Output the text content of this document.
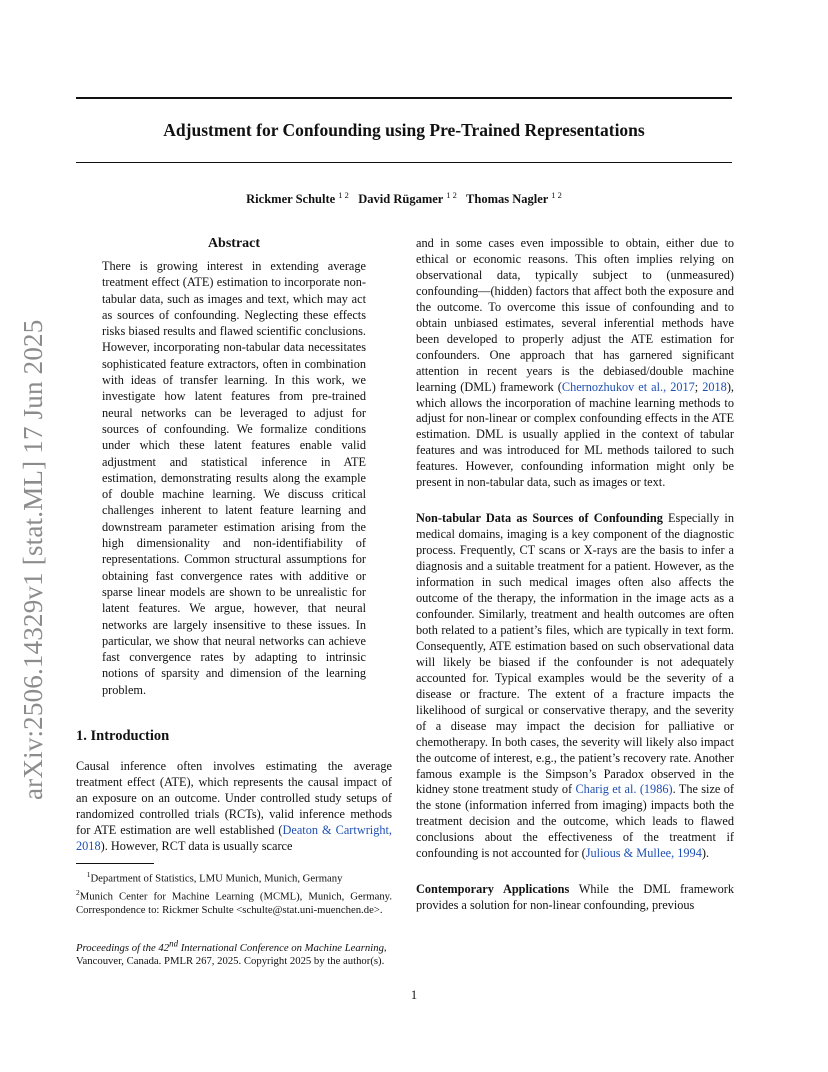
arXiv:2506.14329v1 [stat.ML] 17 Jun 2025
Adjustment for Confounding using Pre-Trained Representations
Rickmer Schulte $^{1 2}$ David Rügamer $^{1 2}$ Thomas Nagler $^{1 2}$
Abstract

There is growing interest in extending average treatment effect (ATE) estimation to incorporate non-tabular data, such as images and text, which may act as sources of confounding. Neglecting these effects risks biased results and flawed scientific conclusions. However, incorporating non-tabular data necessitates sophisticated feature extractors, often in combination with ideas of transfer learning. In this work, we investigate how latent features from pre-trained neural networks can be leveraged to adjust for sources of confounding. We formalize conditions under which these latent features enable valid adjustment and statistical inference in ATE estimation, demonstrating results along the example of double machine learning. We discuss critical challenges inherent to latent feature learning and downstream parameter estimation arising from the high dimensionality and non-identifiability of representations. Common structural assumptions for obtaining fast convergence rates with additive or sparse linear models are shown to be unrealistic for latent features. We argue, however, that neural networks are largely insensitive to these issues. In particular, we show that neural networks can achieve fast convergence rates by adapting to intrinsic notions of sparsity and dimension of the learning problem.

1. Introduction

Causal inference often involves estimating the average treatment effect (ATE), which represents the causal impact of an exposure on an outcome. Under controlled study setups of randomized controlled trials (RCTs), valid inference methods for ATE estimation are well established (Deaton & Cartwright, 2018). However, RCT data is usually scarce

$^1$Department of Statistics, LMU Munich, Munich, Germany

$^2$Munich Center for Machine Learning (MCML), Munich, Germany. Correspondence to: Rickmer Schulte <schulte@stat.uni-muenchen.de>.

Proceedings of the 42nd International Conference on Machine Learning, Vancouver, Canada. PMLR 267, 2025. Copyright 2025 by the author(s).

and in some cases even impossible to obtain, either due to ethical or economic reasons. This often implies relying on observational data, typically subject to (unmeasured) confounding—(hidden) factors that affect both the exposure and the outcome. To overcome this issue of confounding and to obtain unbiased estimates, several inferential methods have been developed to properly adjust the ATE estimation for confounders. One approach that has garnered significant attention in recent years is the debiased/double machine learning (DML) framework (Chernozhukov et al., 2017; 2018), which allows the incorporation of machine learning methods to adjust for non-linear or complex confounding effects in the ATE estimation. DML is usually applied in the context of tabular features and was introduced for ML methods tailored to such features. However, confounding information might only be present in non-tabular data, such as images or text.

Non-tabular Data as Sources of Confounding Especially in medical domains, imaging is a key component of the diagnostic process. Frequently, CT scans or X-rays are the basis to infer a diagnosis and a suitable treatment for a patient. However, as the information in such medical images often also affects the outcome of the therapy, the information in the image acts as a confounder. Similarly, treatment and health outcomes are often both related to a patient’s files, which are typically in text form. Consequently, ATE estimation based on such observational data will likely be biased if the confounder is not adequately accounted for. Typical examples would be the severity of a disease or fracture. The extent of a fracture impacts the likelihood of surgical or conservative therapy, and the severity of a disease may impact the decision for palliative or chemotherapy. In both cases, the severity will likely also impact the outcome of interest, e.g., the patient’s recovery rate. Another famous example is the Simpson’s Paradox observed in the kidney stone treatment study of Charig et al. (1986). The size of the stone (information inferred from imaging) impacts both the treatment decision and the outcome, which leads to flawed conclusions about the effectiveness of the treatment if confounding is not accounted for (Julious & Mullee, 1994).

Contemporary Applications While the DML framework provides a solution for non-linear confounding, previous

1
